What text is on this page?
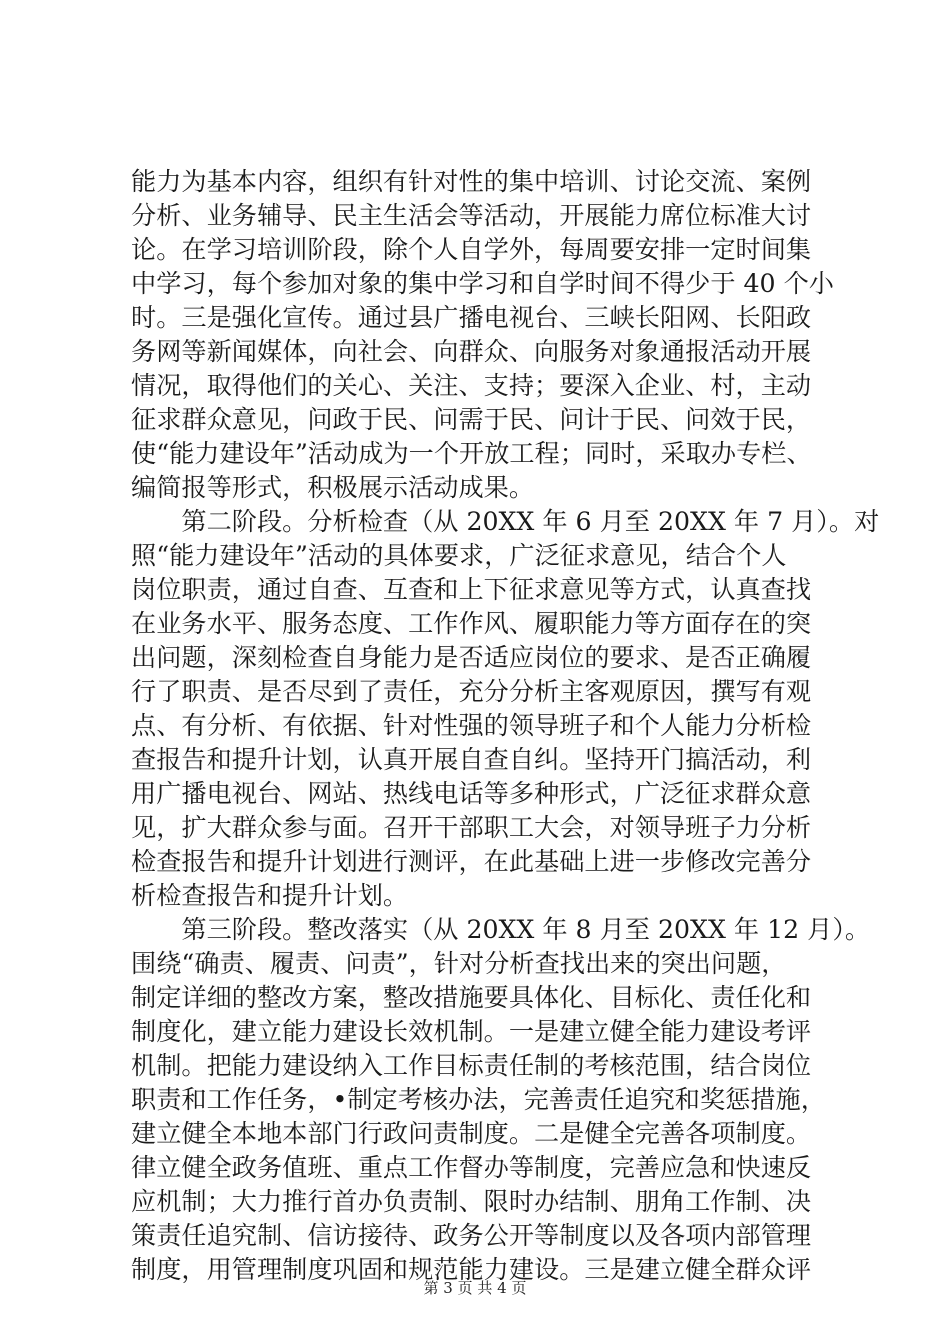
能力为基本内容，组织有针对性的集中培训、讨论交流、案例
分析、业务辅导、民主生活会等活动，开展能力席位标准大讨
论。在学习培训阶段，除个人自学外，每周要安排一定时间集
中学习，每个参加对象的集中学习和自学时间不得少于 40 个小
时。三是强化宣传。通过县广播电视台、三峡长阳网、长阳政
务网等新闻媒体，向社会、向群众、向服务对象通报活动开展
情况，取得他们的关心、关注、支持；要深入企业、村，主动
征求群众意见，问政于民、问需于民、问计于民、问效于民，
使“能力建设年”活动成为一个开放工程；同时，采取办专栏、
编简报等形式，积极展示活动成果。
　　第二阶段。分析检查（从 20XX 年 6 月至 20XX 年 7 月）。对
照“能力建设年”活动的具体要求，广泛征求意见，结合个人
岗位职责，通过自查、互查和上下征求意见等方式，认真查找
在业务水平、服务态度、工作作风、履职能力等方面存在的突
出问题，深刻检查自身能力是否适应岗位的要求、是否正确履
行了职责、是否尽到了责任，充分分析主客观原因，撰写有观
点、有分析、有依据、针对性强的领导班子和个人能力分析检
查报告和提升计划，认真开展自查自纠。坚持开门搞活动，利
用广播电视台、网站、热线电话等多种形式，广泛征求群众意
见，扩大群众参与面。召开干部职工大会，对领导班子力分析
检查报告和提升计划进行测评，在此基础上进一步修改完善分
析检查报告和提升计划。
　　第三阶段。整改落实（从 20XX 年 8 月至 20XX 年 12 月）。
围绕“确责、履责、问责”，针对分析查找出来的突出问题，
制定详细的整改方案，整改措施要具体化、目标化、责任化和
制度化，建立能力建设长效机制。一是建立健全能力建设考评
机制。把能力建设纳入工作目标责任制的考核范围，结合岗位
职责和工作任务，•制定考核办法，完善责任追究和奖惩措施，
建立健全本地本部门行政问责制度。二是健全完善各项制度。
律立健全政务值班、重点工作督办等制度，完善应急和快速反
应机制；大力推行首办负责制、限时办结制、朋角工作制、决
策责任追究制、信访接待、政务公开等制度以及各项内部管理
制度，用管理制度巩固和规范能力建设。三是建立健全群众评
第 3 页 共 4 页
